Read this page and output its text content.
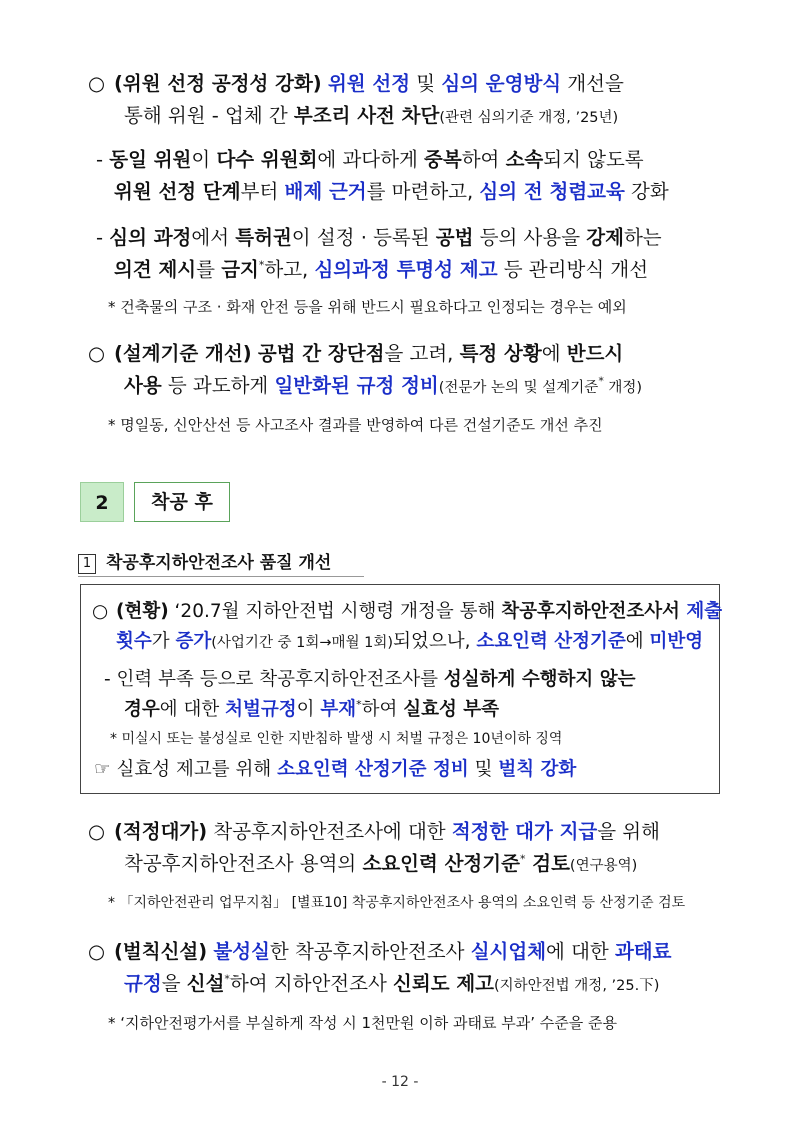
○ (위원 선정 공정성 강화) 위원 선정 및 심의 운영방식 개선을
통해 위원 - 업체 간 부조리 사전 차단(관련 심의기준 개정, ’25년)
- 동일 위원이 다수 위원회에 과다하게 중복하여 소속되지 않도록
위원 선정 단계부터 배제 근거를 마련하고, 심의 전 청렴교육 강화
- 심의 과정에서 특허권이 설정 · 등록된 공법 등의 사용을 강제하는
의견 제시를 금지*하고, 심의과정 투명성 제고 등 관리방식 개선
* 건축물의 구조 · 화재 안전 등을 위해 반드시 필요하다고 인정되는 경우는 예외
○ (설계기준 개선) 공법 간 장단점을 고려, 특정 상황에 반드시
사용 등 과도하게 일반화된 규정 정비(전문가 논의 및 설계기준* 개정)
* 명일동, 신안산선 등 사고조사 결과를 반영하여 다른 건설기준도 개선 추진
2	착공 후
1 착공후지하안전조사 품질 개선
○ (현황) ‘20.7월 지하안전법 시행령 개정을 통해 착공후지하안전조사서 제출
횟수가 증가(사업기간 중 1회→매월 1회)되었으나, 소요인력 산정기준에 미반영
- 인력 부족 등으로 착공후지하안전조사를 성실하게 수행하지 않는
경우에 대한 처벌규정이 부재*하여 실효성 부족
* 미실시 또는 불성실로 인한 지반침하 발생 시 처벌 규정은 10년이하 징역
☞ 실효성 제고를 위해 소요인력 산정기준 정비 및 벌칙 강화
○ (적정대가) 착공후지하안전조사에 대한 적정한 대가 지급을 위해
착공후지하안전조사 용역의 소요인력 산정기준* 검토(연구용역)
* 「지하안전관리 업무지침」 [별표10] 착공후지하안전조사 용역의 소요인력 등 산정기준 검토
○ (벌칙신설) 불성실한 착공후지하안전조사 실시업체에 대한 과태료
규정을 신설*하여 지하안전조사 신뢰도 제고(지하안전법 개정, ’25.下)
* ‘지하안전평가서를 부실하게 작성 시 1천만원 이하 과태료 부과’ 수준을 준용
- 12 -
